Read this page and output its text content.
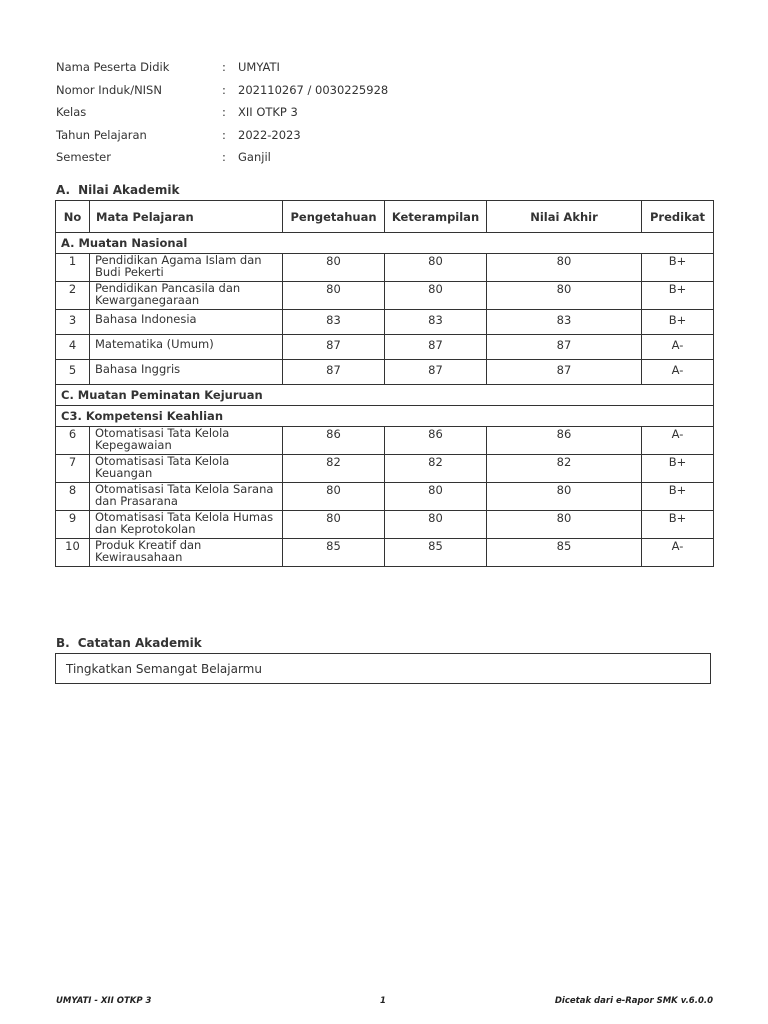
Nama Peserta Didik	:	UMYATI
Nomor Induk/NISN	:	202110267 / 0030225928
Kelas	:	XII OTKP 3
Tahun Pelajaran	:	2022-2023
Semester	:	Ganjil
A. Nilai Akademik
No	Mata Pelajaran	Pengetahuan	Keterampilan	Nilai Akhir	Predikat
A. Muatan Nasional					
1	Pendidikan Agama Islam dan Budi Pekerti	80	80	80	B+
2	Pendidikan Pancasila dan Kewarganegaraan	80	80	80	B+
3	Bahasa Indonesia	83	83	83	B+
4	Matematika (Umum)	87	87	87	A-
5	Bahasa Inggris	87	87	87	A-
C. Muatan Peminatan Kejuruan					
C3. Kompetensi Keahlian					
6	Otomatisasi Tata Kelola Kepegawaian	86	86	86	A-
7	Otomatisasi Tata Kelola Keuangan	82	82	82	B+
8	Otomatisasi Tata Kelola Sarana dan Prasarana	80	80	80	B+
9	Otomatisasi Tata Kelola Humas dan Keprotokolan	80	80	80	B+
10	Produk Kreatif dan Kewirausahaan	85	85	85	A-
B. Catatan Akademik
Tingkatkan Semangat Belajarmu
UMYATI - XII OTKP 3	1	Dicetak dari e-Rapor SMK v.6.0.0
